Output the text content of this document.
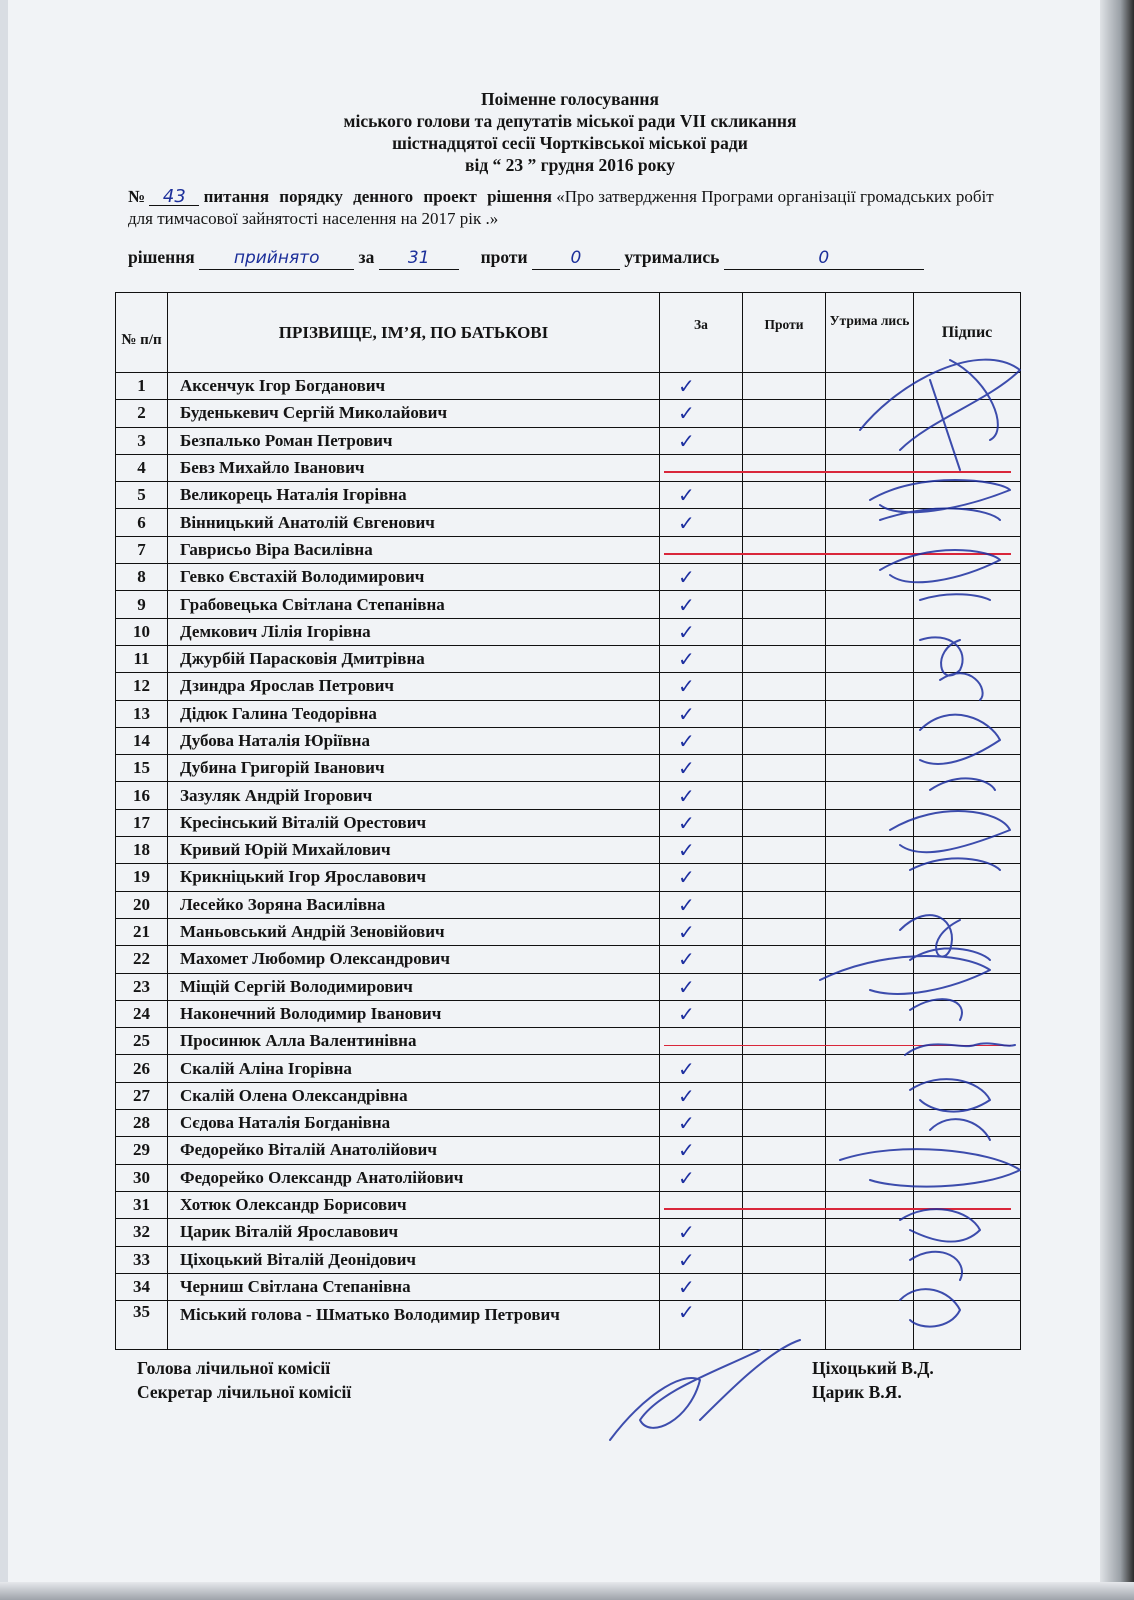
Поіменне голосування
міського голови та депутатів міської ради VII скликання
шістнадцятої сесії Чортківської міської ради
від “ 23 ” грудня 2016 року
№ 43 питання порядку денного проект рішення «Про затвердження Програми організації громадських робіт для тимчасової зайнятості населення на 2017 рік .»
рішення прийнято за 31	проти	0 утримались	0
№ п/п	ПРІЗВИЩЕ, ІМ’Я, ПО БАТЬКОВІ	За	Проти	Утрима лись	Підпис
1	Аксенчук Ігор Богданович	✓			
2	Буденькевич Сергій Миколайович	✓			
3	Безпалько Роман Петрович	✓			
4	Бевз Михайло Іванович				
5	Великорець Наталія Ігорівна	✓			
6	Вінницький Анатолій Євгенович	✓			
7	Гаврисьо Віра Василівна				
8	Гевко Євстахій Володимирович	✓			
9	Грабовецька Світлана Степанівна	✓			
10	Демкович Лілія Ігорівна	✓			
11	Джурбій Парасковія Дмитрівна	✓			
12	Дзиндра Ярослав Петрович	✓			
13	Дідюк Галина Теодорівна	✓			
14	Дубова Наталія Юріївна	✓			
15	Дубина Григорій Іванович	✓			
16	Зазуляк Андрій Ігорович	✓			
17	Кресінський Віталій Орестович	✓			
18	Кривий Юрій Михайлович	✓			
19	Крикніцький Ігор Ярославович	✓			
20	Лесейко Зоряна Василівна	✓			
21	Маньовський Андрій Зеновійович	✓			
22	Махомет Любомир Олександрович	✓			
23	Міщій Сергій Володимирович	✓			
24	Наконечний Володимир Іванович	✓			
25	Просинюк Алла Валентинівна				
26	Скалій Аліна Ігорівна	✓			
27	Скалій Олена Олександрівна	✓			
28	Сєдова Наталія Богданівна	✓			
29	Федорейко Віталій Анатолійович	✓			
30	Федорейко Олександр Анатолійович	✓			
31	Хотюк Олександр Борисович				
32	Царик Віталій Ярославович	✓			
33	Ціхоцький Віталій Деонідович	✓			
34	Черниш Світлана Степанівна	✓			
35	Міський голова - Шматько Володимир Петрович	✓			
Голова лічильної комісії
Секретар лічильної комісії
Ціхоцький В.Д.
Царик В.Я.
